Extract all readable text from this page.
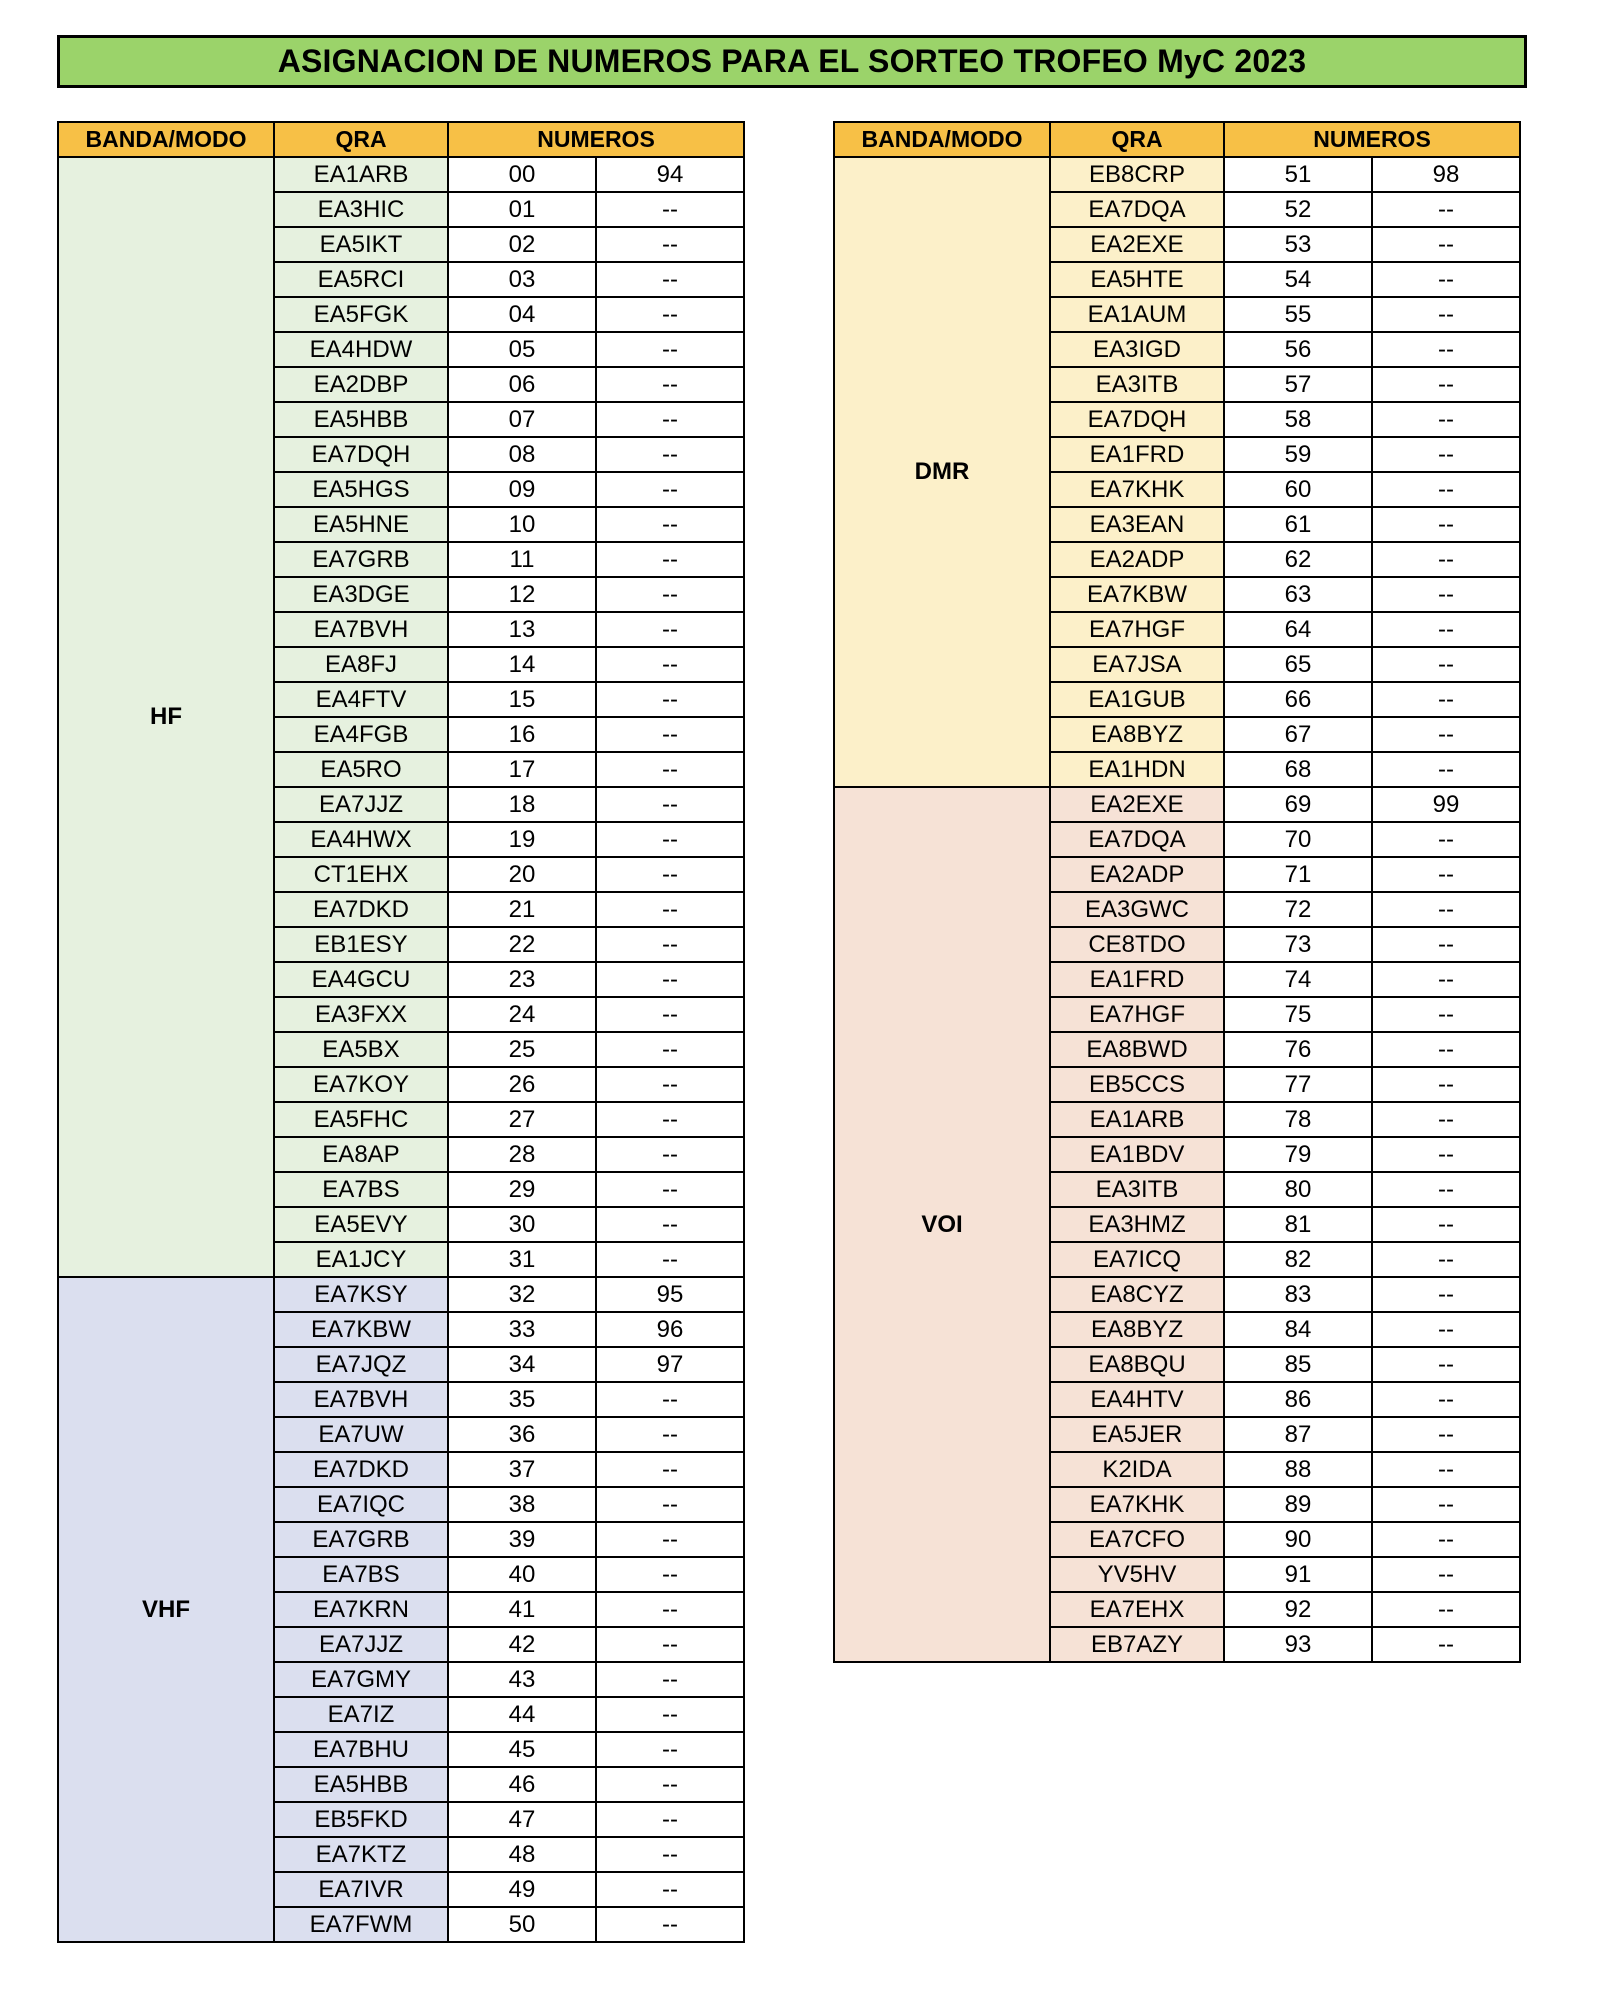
ASIGNACION DE NUMEROS PARA EL SORTEO TROFEO MyC 2023
BANDA/MODO	QRA	NUMEROS	
HF	EA1ARB	00	94
	EA3HIC	01	--
	EA5IKT	02	--
	EA5RCI	03	--
	EA5FGK	04	--
	EA4HDW	05	--
	EA2DBP	06	--
	EA5HBB	07	--
	EA7DQH	08	--
	EA5HGS	09	--
	EA5HNE	10	--
	EA7GRB	11	--
	EA3DGE	12	--
	EA7BVH	13	--
	EA8FJ	14	--
	EA4FTV	15	--
	EA4FGB	16	--
	EA5RO	17	--
	EA7JJZ	18	--
	EA4HWX	19	--
	CT1EHX	20	--
	EA7DKD	21	--
	EB1ESY	22	--
	EA4GCU	23	--
	EA3FXX	24	--
	EA5BX	25	--
	EA7KOY	26	--
	EA5FHC	27	--
	EA8AP	28	--
	EA7BS	29	--
	EA5EVY	30	--
	EA1JCY	31	--
VHF	EA7KSY	32	95
	EA7KBW	33	96
	EA7JQZ	34	97
	EA7BVH	35	--
	EA7UW	36	--
	EA7DKD	37	--
	EA7IQC	38	--
	EA7GRB	39	--
	EA7BS	40	--
	EA7KRN	41	--
	EA7JJZ	42	--
	EA7GMY	43	--
	EA7IZ	44	--
	EA7BHU	45	--
	EA5HBB	46	--
	EB5FKD	47	--
	EA7KTZ	48	--
	EA7IVR	49	--
	EA7FWM	50	--
BANDA/MODO	QRA	NUMEROS	
DMR	EB8CRP	51	98
	EA7DQA	52	--
	EA2EXE	53	--
	EA5HTE	54	--
	EA1AUM	55	--
	EA3IGD	56	--
	EA3ITB	57	--
	EA7DQH	58	--
	EA1FRD	59	--
	EA7KHK	60	--
	EA3EAN	61	--
	EA2ADP	62	--
	EA7KBW	63	--
	EA7HGF	64	--
	EA7JSA	65	--
	EA1GUB	66	--
	EA8BYZ	67	--
	EA1HDN	68	--
VOI	EA2EXE	69	99
	EA7DQA	70	--
	EA2ADP	71	--
	EA3GWC	72	--
	CE8TDO	73	--
	EA1FRD	74	--
	EA7HGF	75	--
	EA8BWD	76	--
	EB5CCS	77	--
	EA1ARB	78	--
	EA1BDV	79	--
	EA3ITB	80	--
	EA3HMZ	81	--
	EA7ICQ	82	--
	EA8CYZ	83	--
	EA8BYZ	84	--
	EA8BQU	85	--
	EA4HTV	86	--
	EA5JER	87	--
	K2IDA	88	--
	EA7KHK	89	--
	EA7CFO	90	--
	YV5HV	91	--
	EA7EHX	92	--
	EB7AZY	93	--
